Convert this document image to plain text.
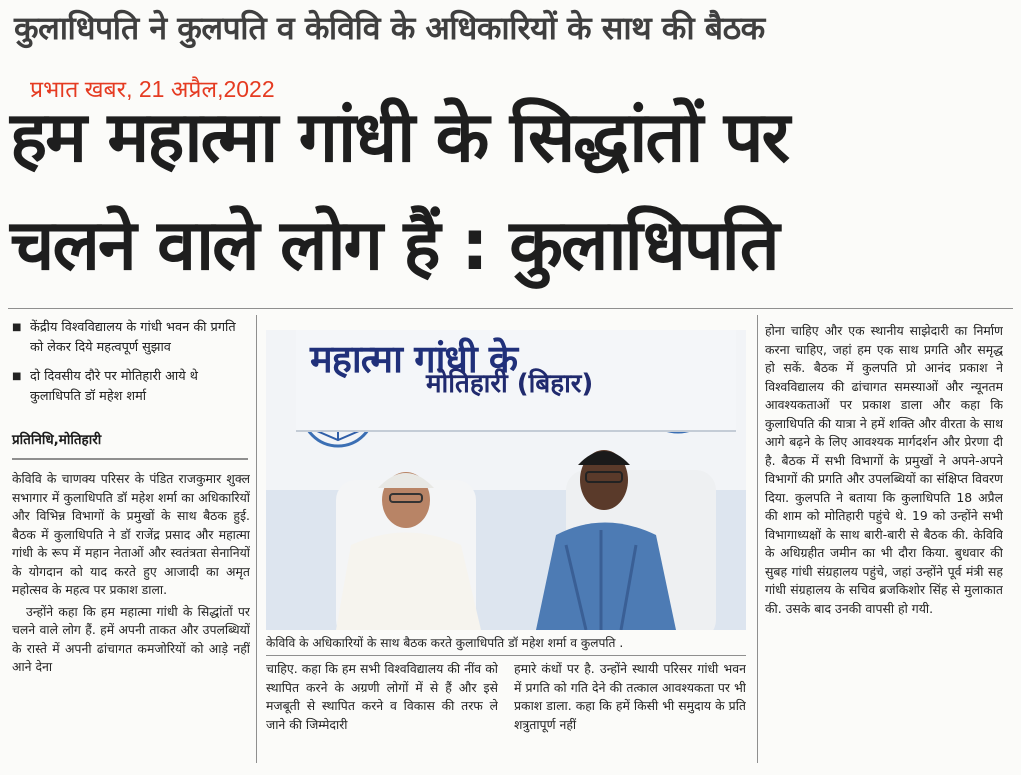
कुलाधिपति ने कुलपति व केविवि के अधिकारियों के साथ की बैठक
प्रभात खबर, 21 अप्रैल,2022
हम महात्मा गांधी के सिद्धांतों पर
चलने वाले लोग हैं : कुलाधिपति
■ केंद्रीय विश्वविद्यालय के गांधी भवन की प्रगति को लेकर दिये महत्वपूर्ण सुझाव
■ दो दिवसीय दौरे पर मोतिहारी आये थे कुलाधिपति डॉ महेश शर्मा
प्रतिनिधि,मोतिहारी
केविवि के चाणक्य परिसर के पंडित राजकुमार शुक्ल सभागार में कुलाधिपति डॉ महेश शर्मा का अधिकारियों और विभिन्न विभागों के प्रमुखों के साथ बैठक हुई. बैठक में कुलाधिपति ने डॉ राजेंद्र प्रसाद और महात्मा गांधी के रूप में महान नेताओं और स्वतंत्रता सेनानियों के योगदान को याद करते हुए आजादी का अमृत महोत्सव के महत्व पर प्रकाश डाला.
उन्होंने कहा कि हम महात्मा गांधी के सिद्धांतों पर चलने वाले लोग हैं. हमें अपनी ताकत और उपलब्धियों के रास्ते में अपनी ढांचागत कमजोरियों को आड़े नहीं आने देना
महात्मा गांधी के
मोतिहारी (बिहार)
केविवि के अधिकारियों के साथ बैठक करते कुलाधिपति डॉ महेश शर्मा व कुलपति .
चाहिए. कहा कि हम सभी विश्वविद्यालय की नींव को स्थापित करने के अग्रणी लोगों में से हैं और इसे मजबूती से स्थापित करने व विकास की तरफ ले जाने की जिम्मेदारी
हमारे कंधों पर है. उन्होंने स्थायी परिसर गांधी भवन में प्रगति को गति देने की तत्काल आवश्यकता पर भी प्रकाश डाला. कहा कि हमें किसी भी समुदाय के प्रति शत्रुतापूर्ण नहीं
होना चाहिए और एक स्थानीय साझेदारी का निर्माण करना चाहिए, जहां हम एक साथ प्रगति और समृद्ध हो सकें. बैठक में कुलपति प्रो आनंद प्रकाश ने विश्वविद्यालय की ढांचागत समस्याओं और न्यूनतम आवश्यकताओं पर प्रकाश डाला और कहा कि कुलाधिपति की यात्रा ने हमें शक्ति और वीरता के साथ आगे बढ़ने के लिए आवश्यक मार्गदर्शन और प्रेरणा दी है. बैठक में सभी विभागों के प्रमुखों ने अपने-अपने विभागों की प्रगति और उपलब्धियों का संक्षिप्त विवरण दिया. कुलपति ने बताया कि कुलाधिपति 18 अप्रैल की शाम को मोतिहारी पहुंचे थे. 19 को उन्होंने सभी विभागाध्यक्षों के साथ बारी-बारी से बैठक की. केविवि के अधिग्रहीत जमीन का भी दौरा किया. बुधवार की सुबह गांधी संग्रहालय पहुंचे, जहां उन्होंने पूर्व मंत्री सह गांधी संग्रहालय के सचिव ब्रजकिशोर सिंह से मुलाकात की. उसके बाद उनकी वापसी हो गयी.
